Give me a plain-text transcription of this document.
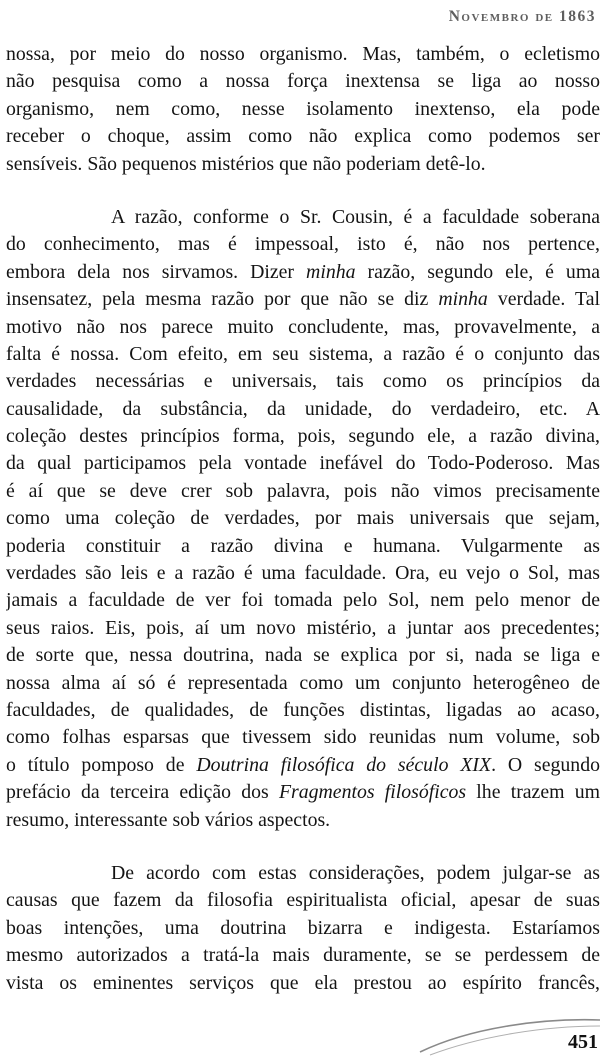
Novembro de 1863
nossa, por meio do nosso organismo. Mas, também, o ecletismo
não pesquisa como a nossa força inextensa se liga ao nosso
organismo, nem como, nesse isolamento inextenso, ela pode
receber o choque, assim como não explica como podemos ser
sensíveis. São pequenos mistérios que não poderiam detê-lo.
A razão, conforme o Sr. Cousin, é a faculdade soberana
do conhecimento, mas é impessoal, isto é, não nos pertence,
embora dela nos sirvamos. Dizer minha razão, segundo ele, é uma
insensatez, pela mesma razão por que não se diz minha verdade. Tal
motivo não nos parece muito concludente, mas, provavelmente, a
falta é nossa. Com efeito, em seu sistema, a razão é o conjunto das
verdades necessárias e universais, tais como os princípios da
causalidade, da substância, da unidade, do verdadeiro, etc. A
coleção destes princípios forma, pois, segundo ele, a razão divina,
da qual participamos pela vontade inefável do Todo-Poderoso. Mas
é aí que se deve crer sob palavra, pois não vimos precisamente
como uma coleção de verdades, por mais universais que sejam,
poderia constituir a razão divina e humana. Vulgarmente as
verdades são leis e a razão é uma faculdade. Ora, eu vejo o Sol, mas
jamais a faculdade de ver foi tomada pelo Sol, nem pelo menor de
seus raios. Eis, pois, aí um novo mistério, a juntar aos precedentes;
de sorte que, nessa doutrina, nada se explica por si, nada se liga e
nossa alma aí só é representada como um conjunto heterogêneo de
faculdades, de qualidades, de funções distintas, ligadas ao acaso,
como folhas esparsas que tivessem sido reunidas num volume, sob
o título pomposo de Doutrina filosófica do século XIX. O segundo
prefácio da terceira edição dos Fragmentos filosóficos lhe trazem um
resumo, interessante sob vários aspectos.
De acordo com estas considerações, podem julgar-se as
causas que fazem da filosofia espiritualista oficial, apesar de suas
boas intenções, uma doutrina bizarra e indigesta. Estaríamos
mesmo autorizados a tratá-la mais duramente, se se perdessem de
vista os eminentes serviços que ela prestou ao espírito francês,
451
